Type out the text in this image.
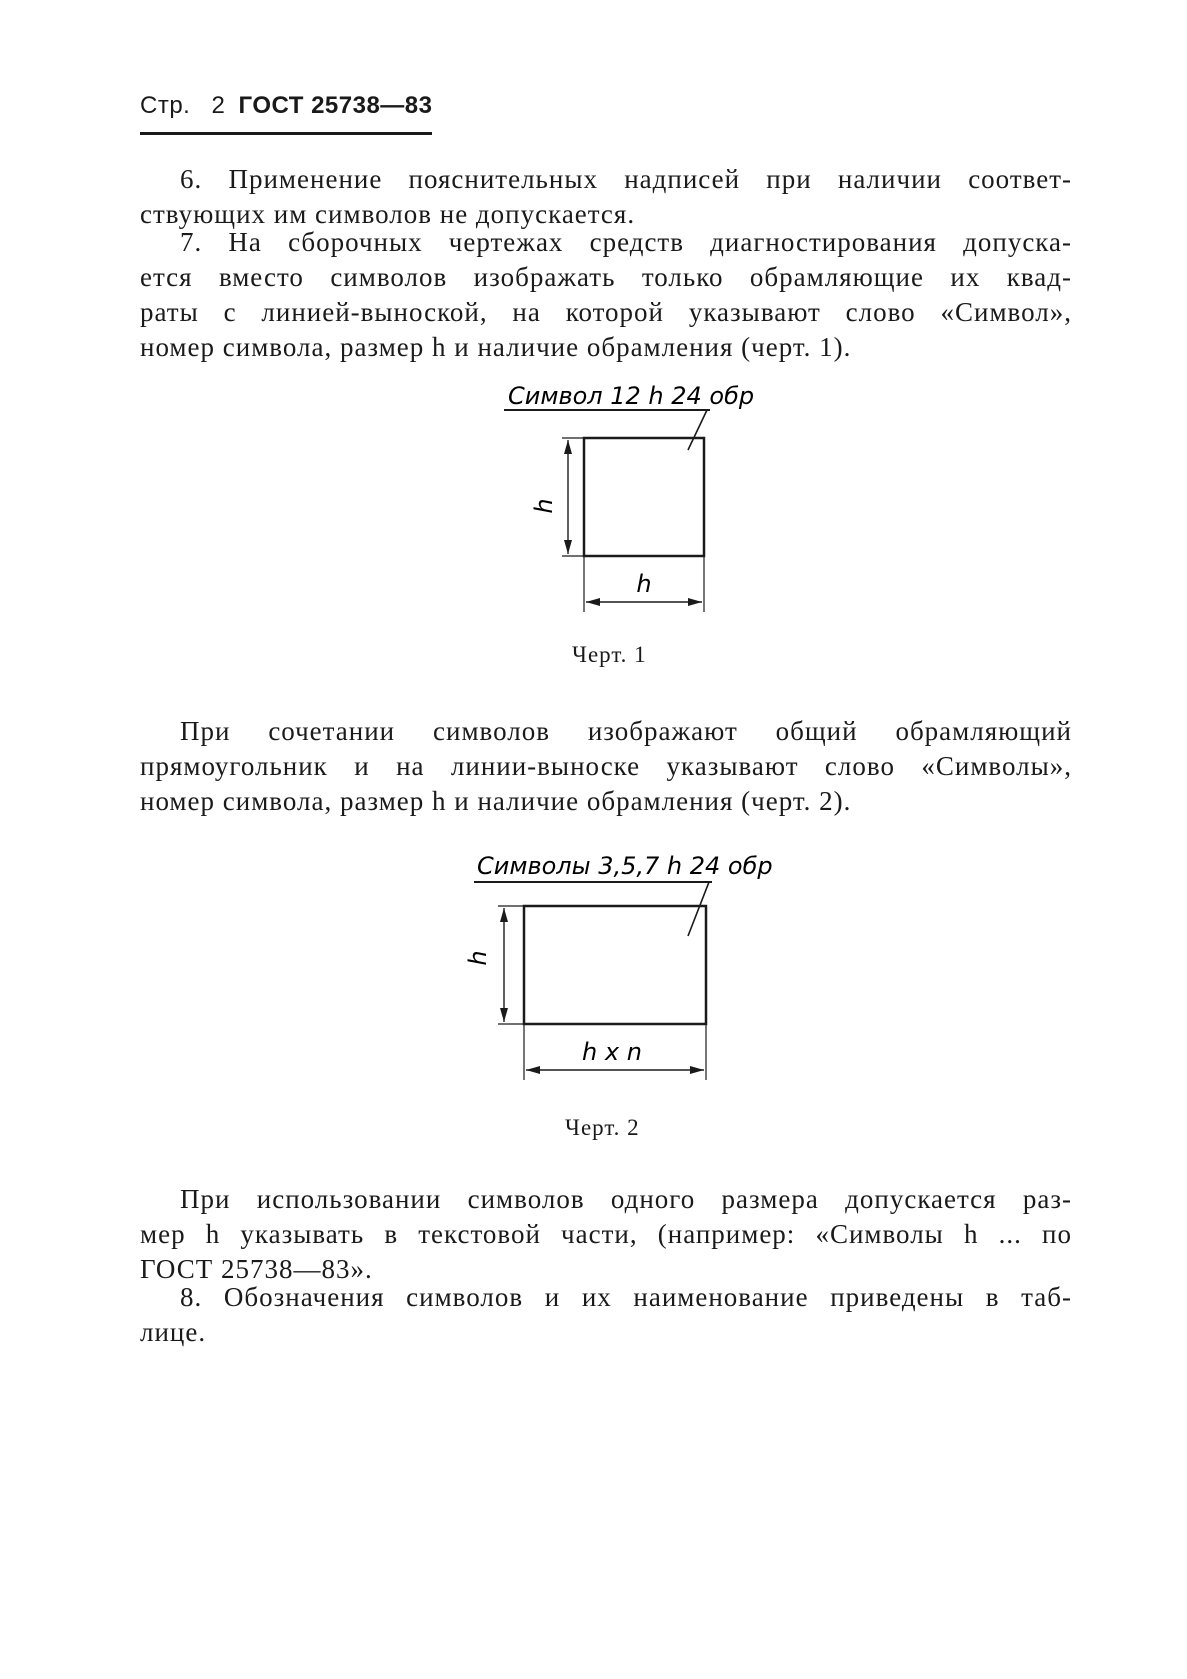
Стр. 2 ГОСТ 25738—83
6. Применение пояснительных надписей при наличии соответ-
ствующих им символов не допускается.
7. На сборочных чертежах средств диагностирования допуска-
ется вместо символов изображать только обрамляющие их квад-
раты с линией-выноской, на которой указывают слово «Символ»,
номер символа, размер h и наличие обрамления (черт. 1).
Символ 12 h 24 обр
h
h
Черт. 1
При сочетании символов изображают общий обрамляющий
прямоугольник и на линии-выноске указывают слово «Символы»,
номер символа, размер h и наличие обрамления (черт. 2).
Символы 3,5,7 h 24 обр
h
h x n
Черт. 2
При использовании символов одного размера допускается раз-
мер h указывать в текстовой части, (например: «Символы h ... по
ГОСТ 25738—83».
8. Обозначения символов и их наименование приведены в таб-
лице.
